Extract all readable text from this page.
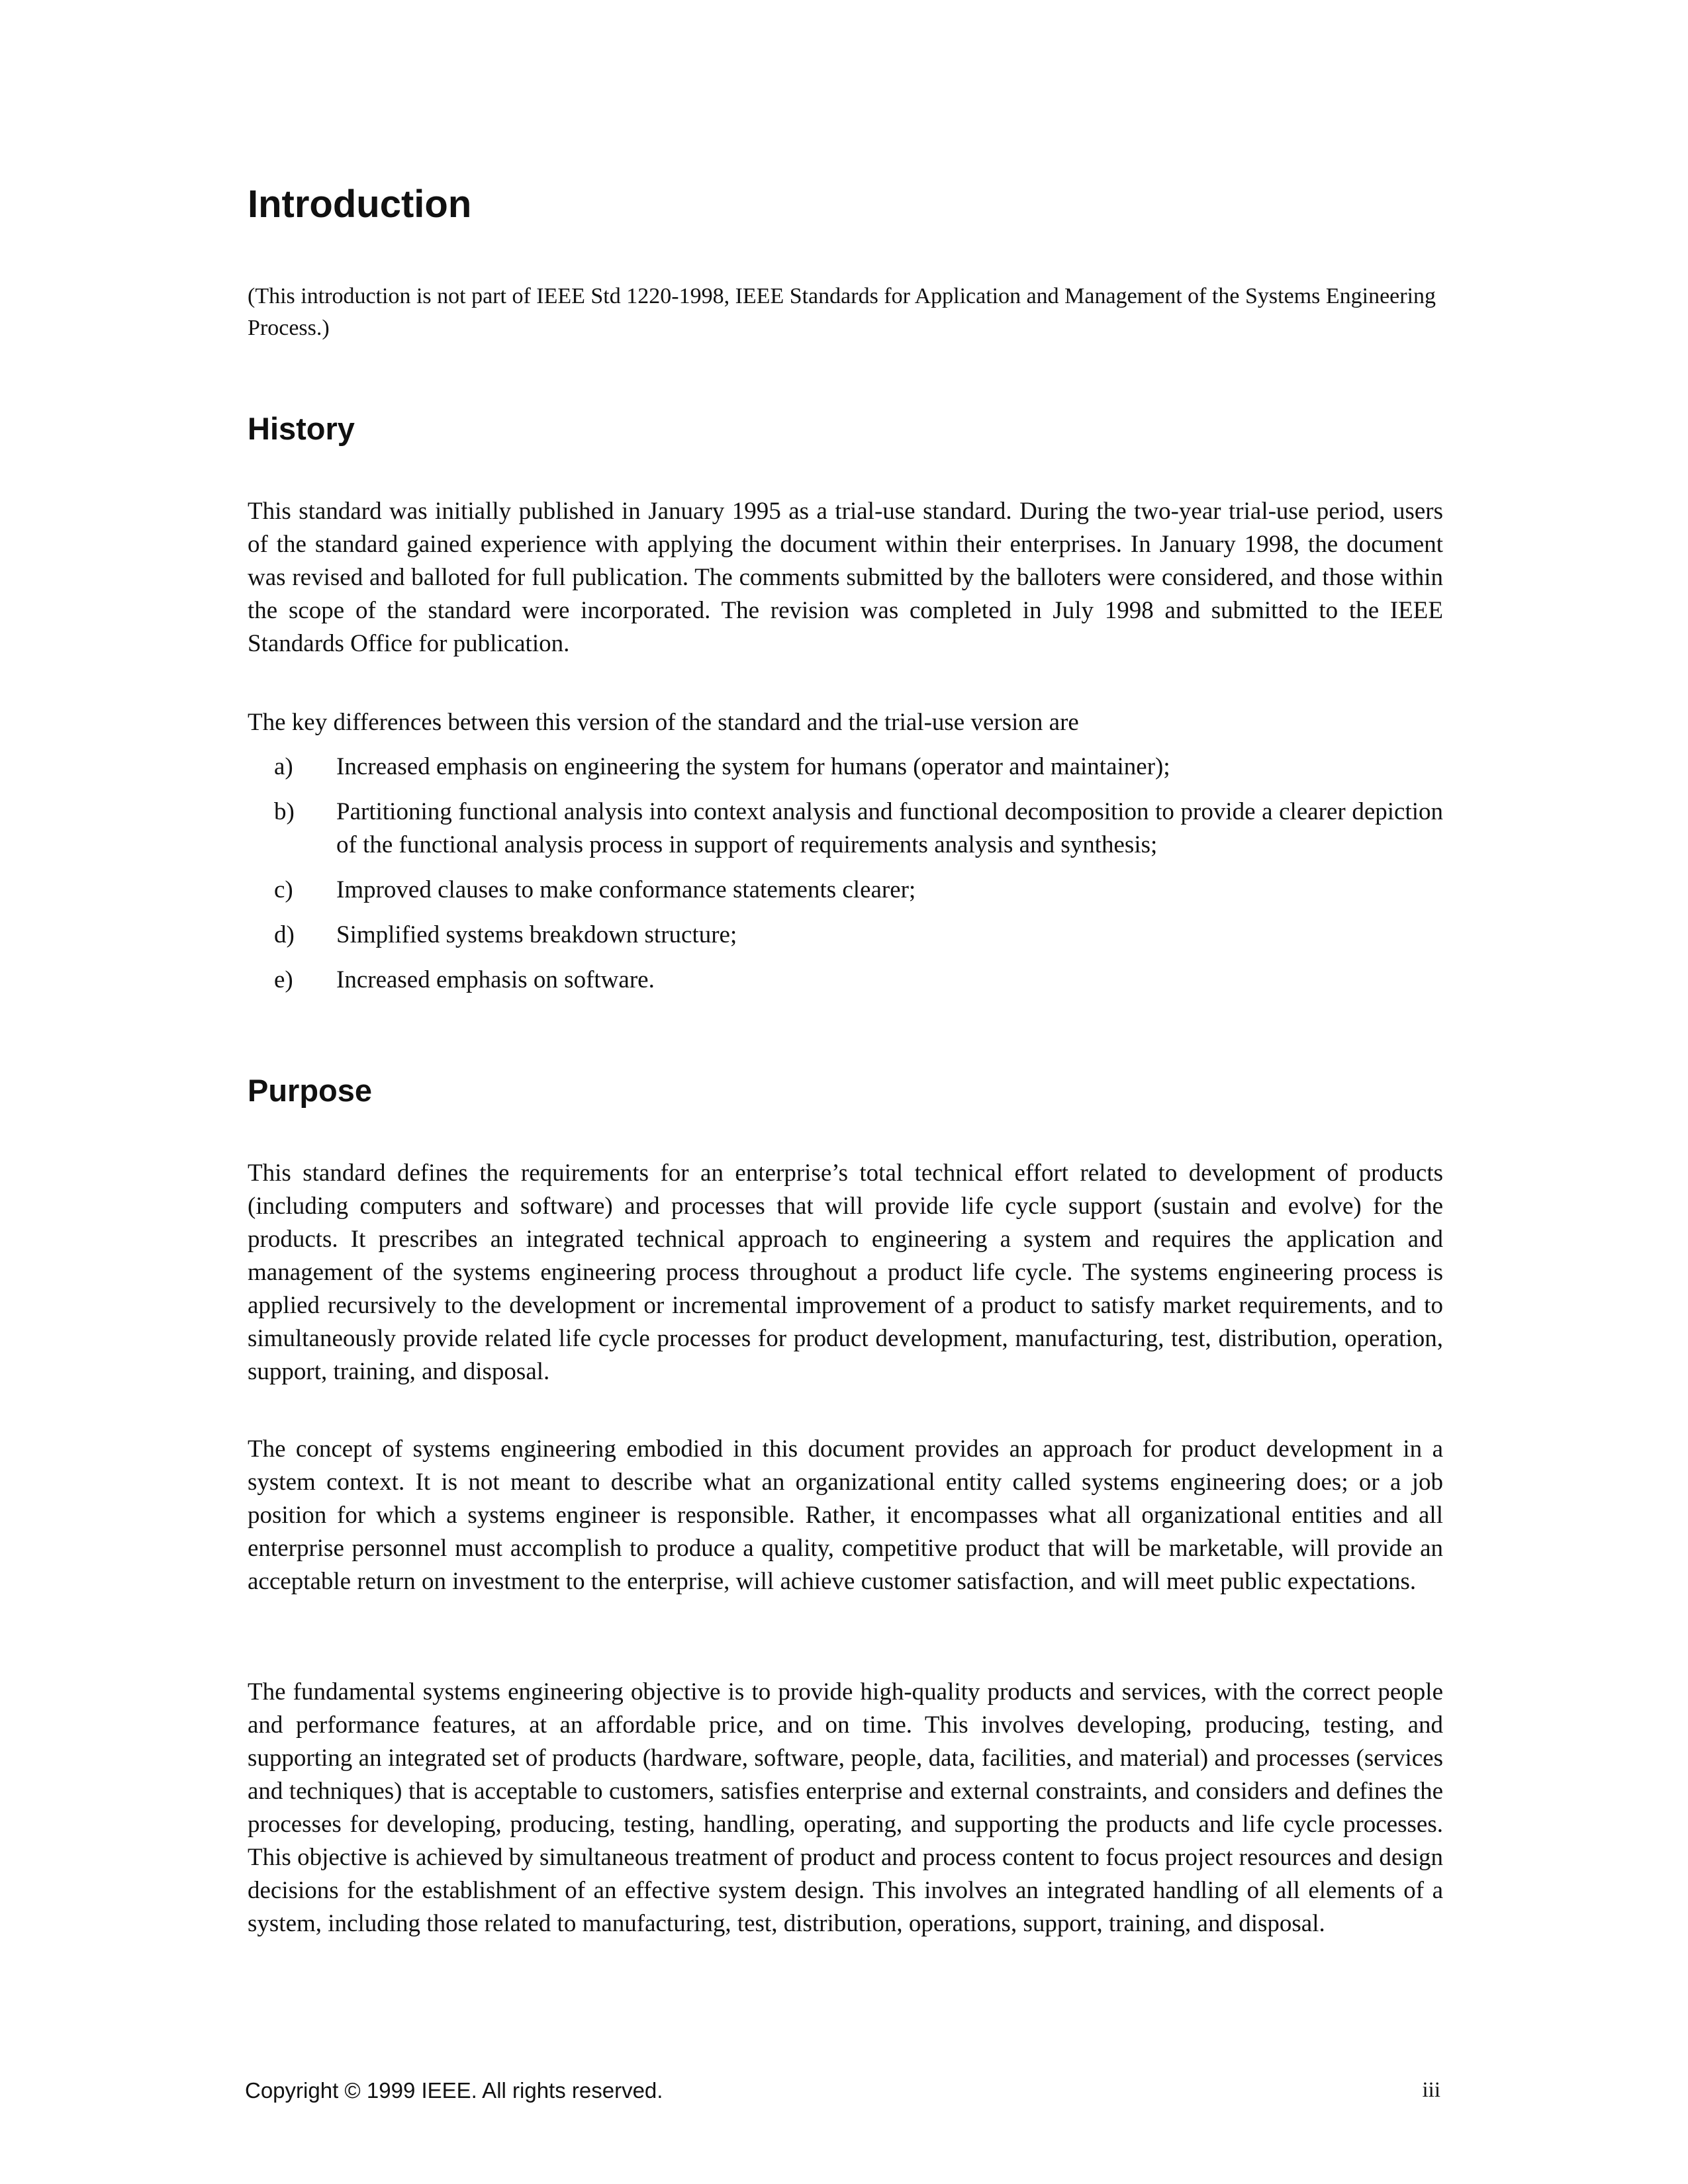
Introduction

(This introduction is not part of IEEE Std 1220-1998, IEEE Standards for Application and Management of the Systems Engineering Process.)

History

This standard was initially published in January 1995 as a trial-use standard. During the two-year trial-use period, users of the standard gained experience with applying the document within their enterprises. In January 1998, the document was revised and balloted for full publication. The comments submitted by the balloters were considered, and those within the scope of the standard were incorporated. The revision was completed in July 1998 and submitted to the IEEE Standards Office for publication.

The key differences between this version of the standard and the trial-use version are

a) Increased emphasis on engineering the system for humans (operator and maintainer);
b) Partitioning functional analysis into context analysis and functional decomposition to provide a clearer depiction of the functional analysis process in support of requirements analysis and synthesis;
c) Improved clauses to make conformance statements clearer;
d) Simplified systems breakdown structure;
e) Increased emphasis on software.
Purpose

This standard defines the requirements for an enterprise’s total technical effort related to development of products (including computers and software) and processes that will provide life cycle support (sustain and evolve) for the products. It prescribes an integrated technical approach to engineering a system and requires the application and management of the systems engineering process throughout a product life cycle. The systems engineering process is applied recursively to the development or incremental improvement of a product to satisfy market requirements, and to simultaneously provide related life cycle processes for product development, manufacturing, test, distribution, operation, support, training, and disposal.

The concept of systems engineering embodied in this document provides an approach for product development in a system context. It is not meant to describe what an organizational entity called systems engineering does; or a job position for which a systems engineer is responsible. Rather, it encompasses what all organizational entities and all enterprise personnel must accomplish to produce a quality, competitive product that will be marketable, will provide an acceptable return on investment to the enterprise, will achieve customer satisfaction, and will meet public expectations.

The fundamental systems engineering objective is to provide high-quality products and services, with the correct people and performance features, at an affordable price, and on time. This involves developing, producing, testing, and supporting an integrated set of products (hardware, software, people, data, facilities, and material) and processes (services and techniques) that is acceptable to customers, satisfies enterprise and external constraints, and considers and defines the processes for developing, producing, testing, handling, operating, and supporting the products and life cycle processes. This objective is achieved by simultaneous treatment of product and process content to focus project resources and design decisions for the establishment of an effective system design. This involves an integrated handling of all elements of a system, including those related to manufacturing, test, distribution, operations, support, training, and disposal.

Copyright © 1999 IEEE. All rights reserved.	iii
